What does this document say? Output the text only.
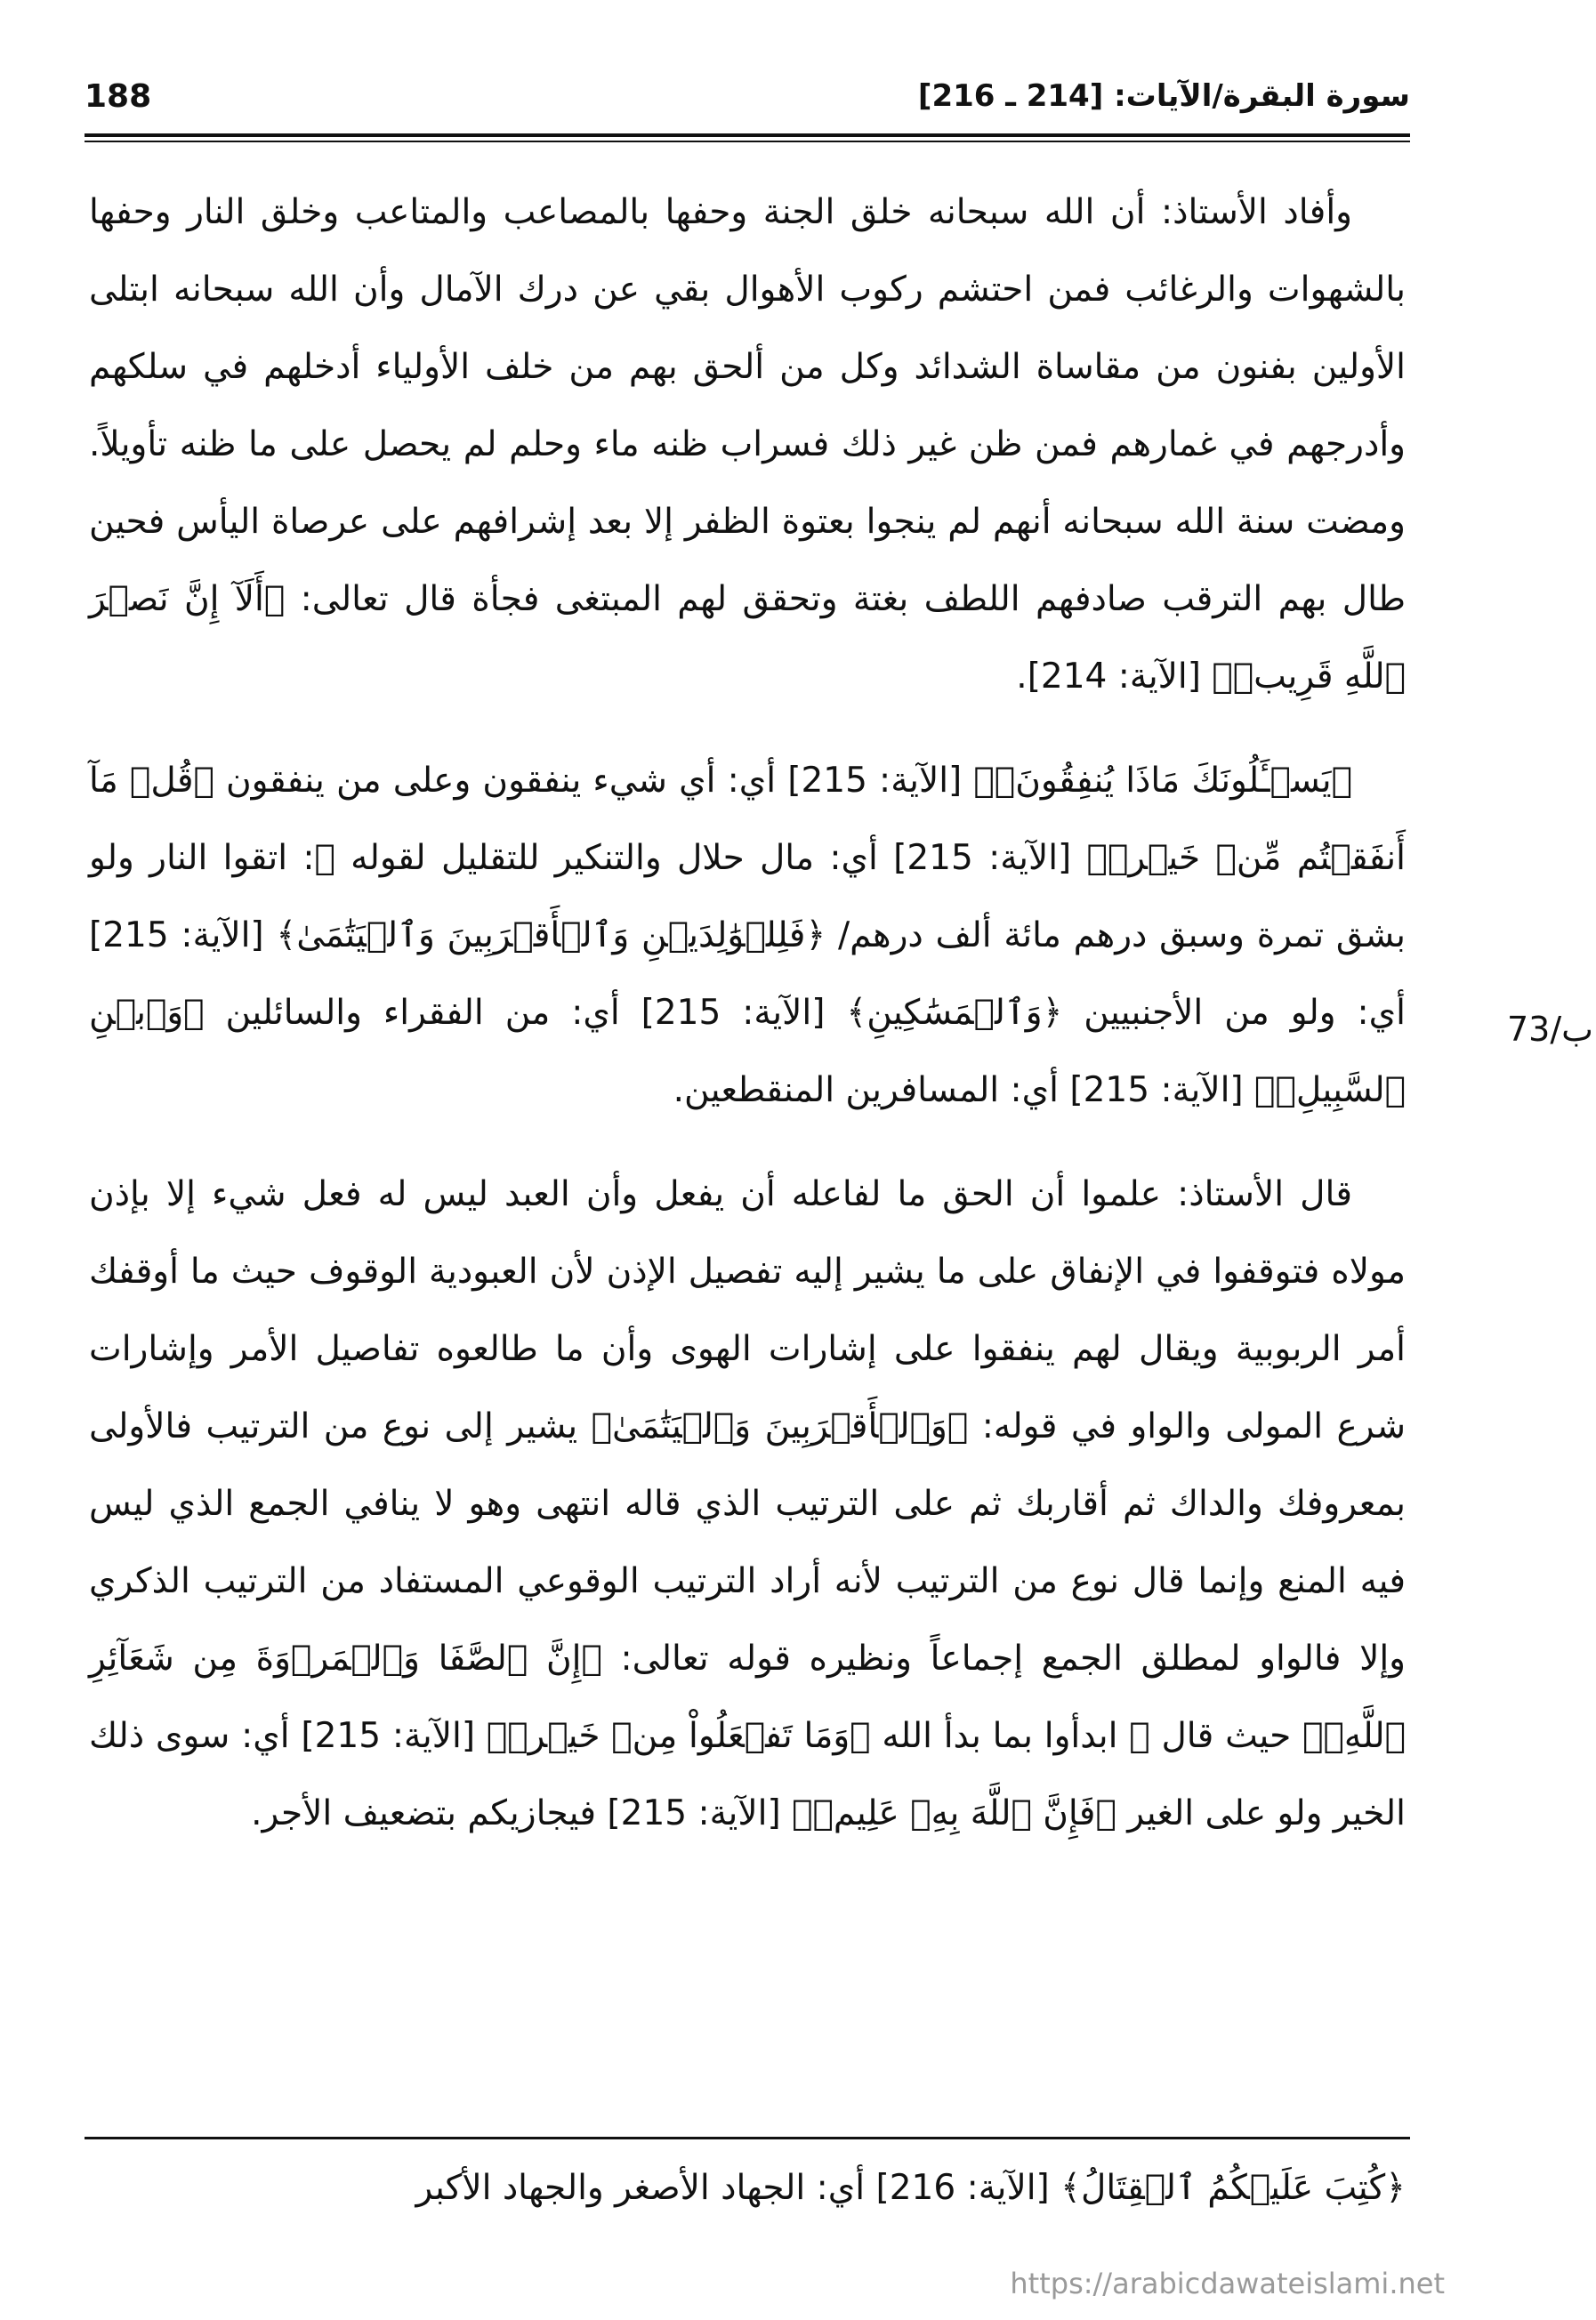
188	سورة البقرة/الآيات: [214 ـ 216]

وأفاد الأستاذ: أن الله سبحانه خلق الجنة وحفها بالمصاعب والمتاعب وخلق النار وحفها بالشهوات والرغائب فمن احتشم ركوب الأهوال بقي عن درك الآمال وأن الله سبحانه ابتلى الأولين بفنون من مقاساة الشدائد وكل من ألحق بهم من خلف الأولياء أدخلهم في سلكهم وأدرجهم في غمارهم فمن ظن غير ذلك فسراب ظنه ماء وحلم لم يحصل على ما ظنه تأويلاً. ومضت سنة الله سبحانه أنهم لم ينجوا بعتوة الظفر إلا بعد إشرافهم على عرصاة اليأس فحين طال بهم الترقب صادفهم اللطف بغتة وتحقق لهم المبتغى فجأة قال تعالى: ﴿أَلَآ إِنَّ نَصۡرَ ٱللَّهِ قَرِيبٞ﴾ [الآية: 214].

﴿يَسۡـَٔلُونَكَ مَاذَا يُنفِقُونَۖ﴾ [الآية: 215] أي: أي شيء ينفقون وعلى من ينفقون ﴿قُلۡ مَآ أَنفَقۡتُم مِّنۡ خَيۡرٖ﴾ [الآية: 215] أي: مال حلال والتنكير للتقليل لقوله ﷺ: اتقوا النار ولو بشق تمرة وسبق درهم مائة ألف درهم/ ﴿فَلِلۡوَٰلِدَيۡنِ وَٱلۡأَقۡرَبِينَ وَٱلۡيَتَٰمَىٰ﴾ [الآية: 215] أي: ولو من الأجنبيين ﴿وَٱلۡمَسَٰكِينِ﴾ [الآية: 215] أي: من الفقراء والسائلين ﴿وَٱبۡنِ ٱلسَّبِيلِۗ﴾ [الآية: 215] أي: المسافرين المنقطعين.

قال الأستاذ: علموا أن الحق ما لفاعله أن يفعل وأن العبد ليس له فعل شيء إلا بإذن مولاه فتوقفوا في الإنفاق على ما يشير إليه تفصيل الإذن لأن العبودية الوقوف حيث ما أوقفك أمر الربوبية ويقال لهم ينفقوا على إشارات الهوى وأن ما طالعوه تفاصيل الأمر وإشارات شرع المولى والواو في قوله: ﴿وَٱلۡأَقۡرَبِينَ وَٱلۡيَتَٰمَىٰ﴾ يشير إلى نوع من الترتيب فالأولى بمعروفك والداك ثم أقاربك ثم على الترتيب الذي قاله انتهى وهو لا ينافي الجمع الذي ليس فيه المنع وإنما قال نوع من الترتيب لأنه أراد الترتيب الوقوعي المستفاد من الترتيب الذكري وإلا فالواو لمطلق الجمع إجماعاً ونظيره قوله تعالى: ﴿إِنَّ ٱلصَّفَا وَٱلۡمَرۡوَةَ مِن شَعَآئِرِ ٱللَّهِۖ﴾ حيث قال ﷺ ابدأوا بما بدأ الله ﴿وَمَا تَفۡعَلُواْ مِنۡ خَيۡرٖ﴾ [الآية: 215] أي: سوى ذلك الخير ولو على الغير ﴿فَإِنَّ ٱللَّهَ بِهِۦ عَلِيمٞ﴾ [الآية: 215] فيجازيكم بتضعيف الأجر.

73/ب
﴿كُتِبَ عَلَيۡكُمُ ٱلۡقِتَالُ﴾ [الآية: 216] أي: الجهاد الأصغر والجهاد الأكبر
https://arabicdawateislami.net
